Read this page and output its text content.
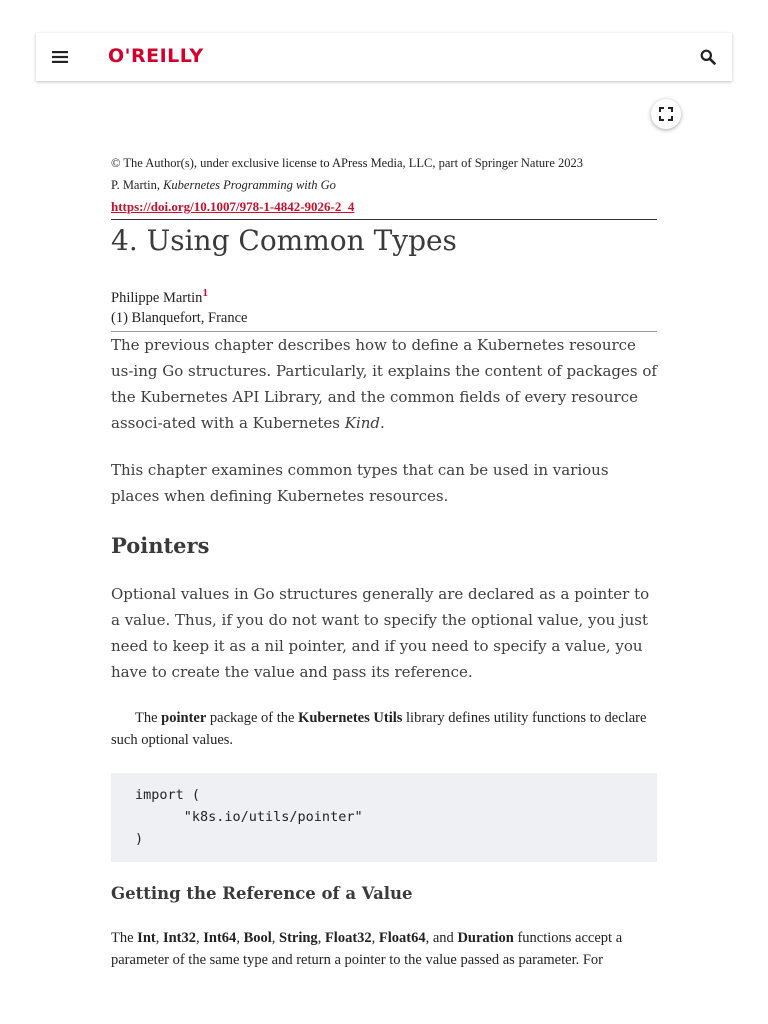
O'REILLY
© The Author(s), under exclusive license to APress Media, LLC, part of Springer Nature 2023
P. Martin, Kubernetes Programming with Go
https://doi.org/10.1007/978-1-4842-9026-2_4
4. Using Common Types
Philippe Martin$^1$
(1) Blanquefort, France

The previous chapter describes how to define a Kubernetes resource us-ing Go structures. Particularly, it explains the content of packages of the Kubernetes API Library, and the common fields of every resource associ-ated with a Kubernetes Kind.

This chapter examines common types that can be used in various places when defining Kubernetes resources.

Pointers

Optional values in Go structures generally are declared as a pointer to a value. Thus, if you do not want to specify the optional value, you just need to keep it as a nil pointer, and if you need to specify a value, you have to create the value and pass its reference.

The pointer package of the Kubernetes Utils library defines utility functions to declare such optional values.

import (
"k8s.io/utils/pointer"
)
Getting the Reference of a Value

The Int, Int32, Int64, Bool, String, Float32, Float64, and Duration functions accept a parameter of the same type and return a pointer to the value passed as parameter. For
